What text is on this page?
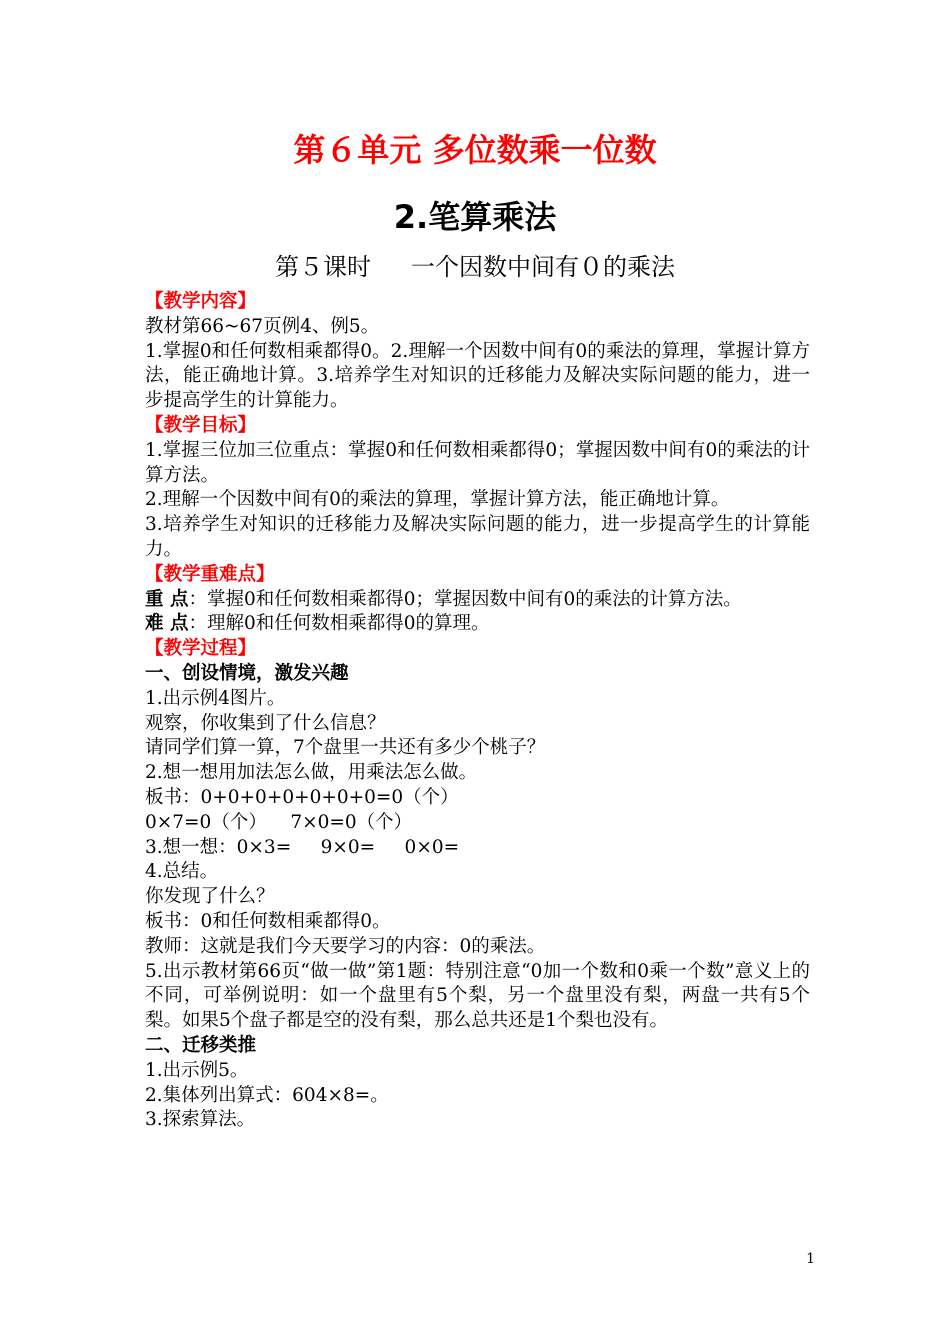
第６单元 多位数乘一位数
2.笔算乘法
第５课时 一个因数中间有０的乘法

【教学内容】

教材第66~67页例4、例5。

1.掌握0和任何数相乘都得0。2.理解一个因数中间有0的乘法的算理，掌握计算方法，能正确地计算。3.培养学生对知识的迁移能力及解决实际问题的能力，进一步提高学生的计算能力。

【教学目标】

1.掌握三位加三位重点：掌握0和任何数相乘都得0；掌握因数中间有0的乘法的计算方法。

2.理解一个因数中间有0的乘法的算理，掌握计算方法，能正确地计算。

3.培养学生对知识的迁移能力及解决实际问题的能力，进一步提高学生的计算能力。

【教学重难点】

重 点：掌握0和任何数相乘都得0；掌握因数中间有0的乘法的计算方法。

难 点：理解0和任何数相乘都得0的算理。

【教学过程】

一、创设情境，激发兴趣

1.出示例4图片。

观察，你收集到了什么信息？

请同学们算一算，7个盘里一共还有多少个桃子？

2.想一想用加法怎么做，用乘法怎么做。

板书：0+0+0+0+0+0+0=0（个）

0×7=0（个）    7×0=0（个）

3.想一想：0×3=     9×0=     0×0=

4.总结。

你发现了什么？

板书：0和任何数相乘都得0。

教师：这就是我们今天要学习的内容：0的乘法。

5.出示教材第66页“做一做”第1题：特别注意“0加一个数和0乘一个数”意义上的不同，可举例说明：如一个盘里有5个梨，另一个盘里没有梨，两盘一共有5个梨。如果5个盘子都是空的没有梨，那么总共还是1个梨也没有。

二、迁移类推

1.出示例5。

2.集体列出算式：604×8=。

3.探索算法。

1
